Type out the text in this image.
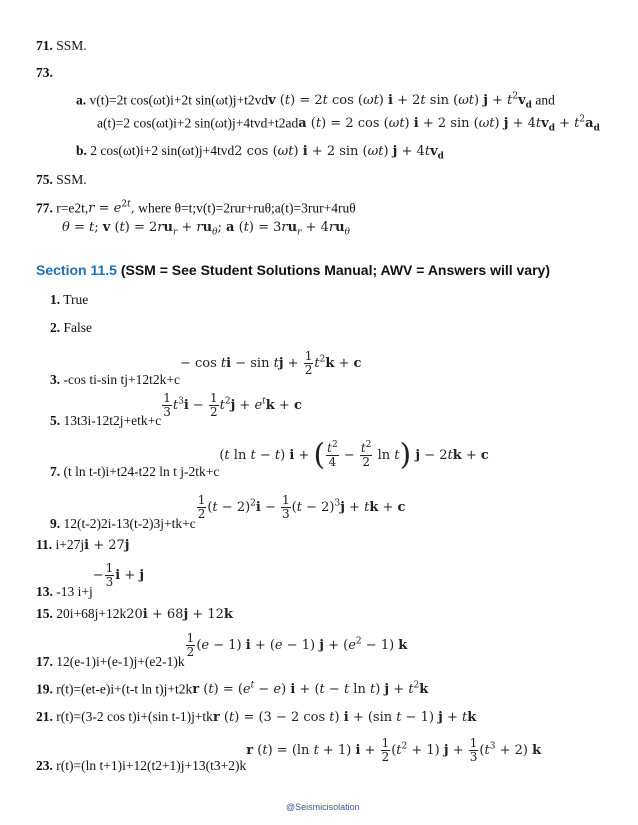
71. SSM.
73.
a. v(t)=2t cos(ωt)i+2t sin(ωt)j+t2vdv (t) = 2t cos (ωt) i + 2t sin (ωt) $j + t^2v_d$ and
a(t)=2 cos(ωt)i+2 sin(ωt)j+4tvd+t2ada (t) = 2 cos (ωt) i + 2 sin (ωt) $j + 4tv_d + t^2a_d$
b. 2 cos(ωt)i+2 sin(ωt)j+4tvd2 cos (ωt) i + 2 sin (ωt) $j + 4tv_d$
75. SSM.
77. $r=e2t,r = e^{2t}$, where θ=t;v(t)=2rur+ruθ;a(t)=3rur+4ruθ
θ = t; v $(t) = 2ru_r + ru_\theta$; a $(t) = 3ru_r + 4ru_\theta$
Section 11.5 (SSM = See Student Solutions Manual; AWV = Answers will vary)
1. True
2. False
3. -cos ti-sin tj+12t2k+c− cos ti − sin tj + $\frac{1}{2} t^2k + c$
5. 13t3i-12t2j+etk+c
$\frac{1}{3} t^3i - \frac{1}{2} t^2j + e^tk + c$
7. (t ln t-t)i+t24-t22 ln t j-2tk+c(t ln t − t) i + ( $\frac{t^2}{4} - \frac{t^2}{2}$ ln t) j − 2tk + c
9. 12(t-2)2i-13(t-2)3j+tk+c
$\frac{1}{2} (t - 2)^2i - \frac{1}{3} (t - 2)^3j$ + tk + c
11. i+27ji + 27j
13. -13 $i+j- \frac{1}{3}$ i + j
15. 20i+68j+12k20i + 68j + 12k
17. 12(e-1)i+(e-1)j+(e2-1)k
$\frac{1}{2} (e - 1) i + (e - 1) j + (e^2 - 1)$ k
19. r(t)=(et-e)i+(t-t ln t)j+t2kr $(t) = (e^t - e) i + (t - t$ ln t) $j + t^2k$
21. r(t)=(3-2 cos t)i+(sin t-1)j+tkr (t) = (3 − 2 cos t) i + (sin t − 1) j + tk
23. r(t)=(ln t+1)i+12(t2+1)j+13(t3+2)kr (t) = (ln t + 1) $i + \frac{1}{2} (t^2 + 1) j + \frac{1}{3} (t^3 + 2)$ k
@Seismicisolation
